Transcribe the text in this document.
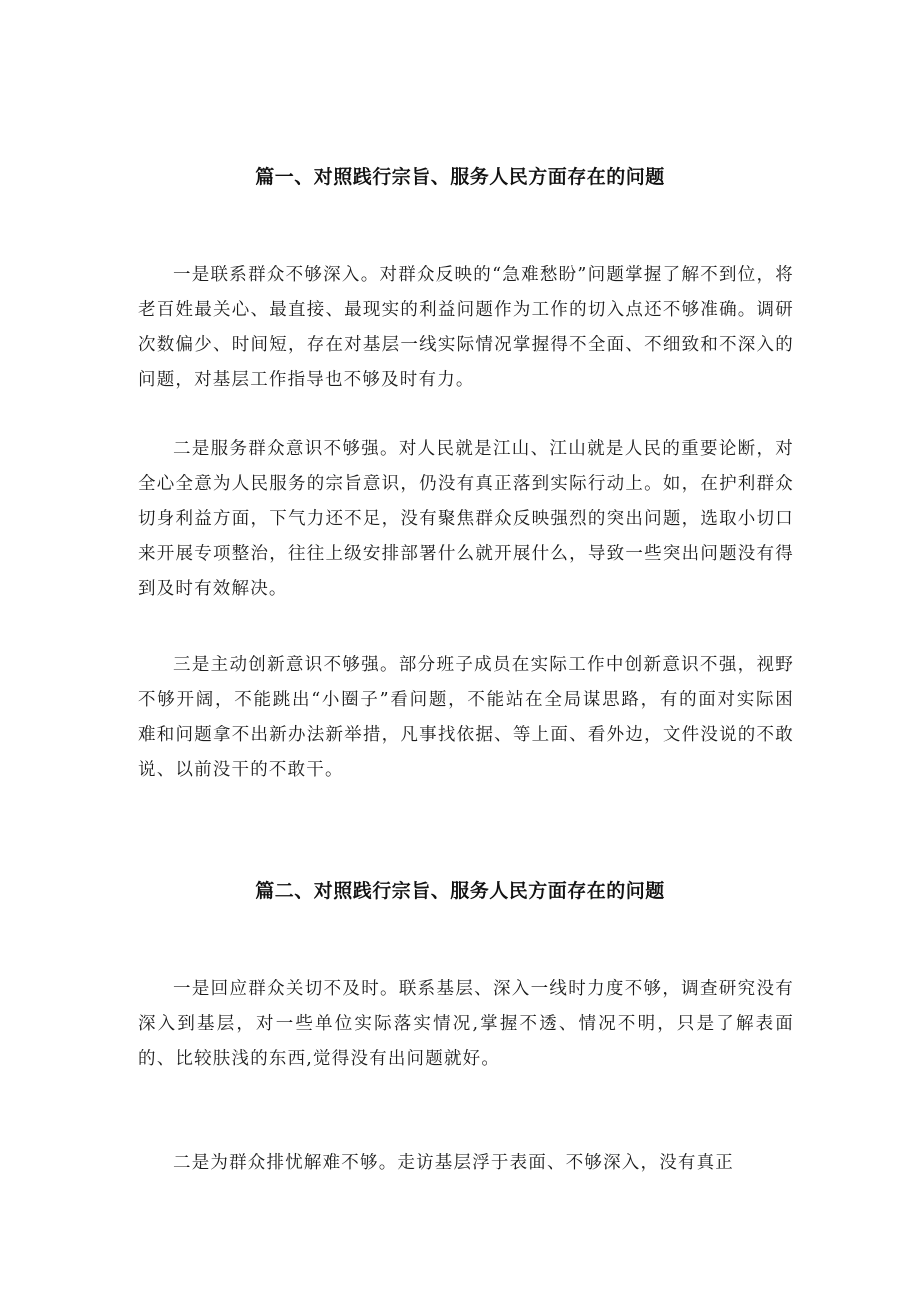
篇一、对照践行宗旨、服务人民方面存在的问题

一是联系群众不够深入。对群众反映的“急难愁盼”问题掌握了解不到位，将老百姓最关心、最直接、最现实的利益问题作为工作的切入点还不够准确。调研次数偏少、时间短，存在对基层一线实际情况掌握得不全面、不细致和不深入的问题，对基层工作指导也不够及时有力。

二是服务群众意识不够强。对人民就是江山、江山就是人民的重要论断，对全心全意为人民服务的宗旨意识，仍没有真正落到实际行动上。如，在护利群众切身利益方面，下气力还不足，没有聚焦群众反映强烈的突出问题，选取小切口来开展专项整治，往往上级安排部署什么就开展什么，导致一些突出问题没有得到及时有效解决。

三是主动创新意识不够强。部分班子成员在实际工作中创新意识不强，视野不够开阔，不能跳出“小圈子”看问题，不能站在全局谋思路，有的面对实际困难和问题拿不出新办法新举措，凡事找依据、等上面、看外边，文件没说的不敢说、以前没干的不敢干。

篇二、对照践行宗旨、服务人民方面存在的问题

一是回应群众关切不及时。联系基层、深入一线时力度不够，调查研究没有深入到基层，对一些单位实际落实情况,掌握不透、情况不明，只是了解表面的、比较肤浅的东西,觉得没有出问题就好。

二是为群众排忧解难不够。走访基层浮于表面、不够深入，没有真正
